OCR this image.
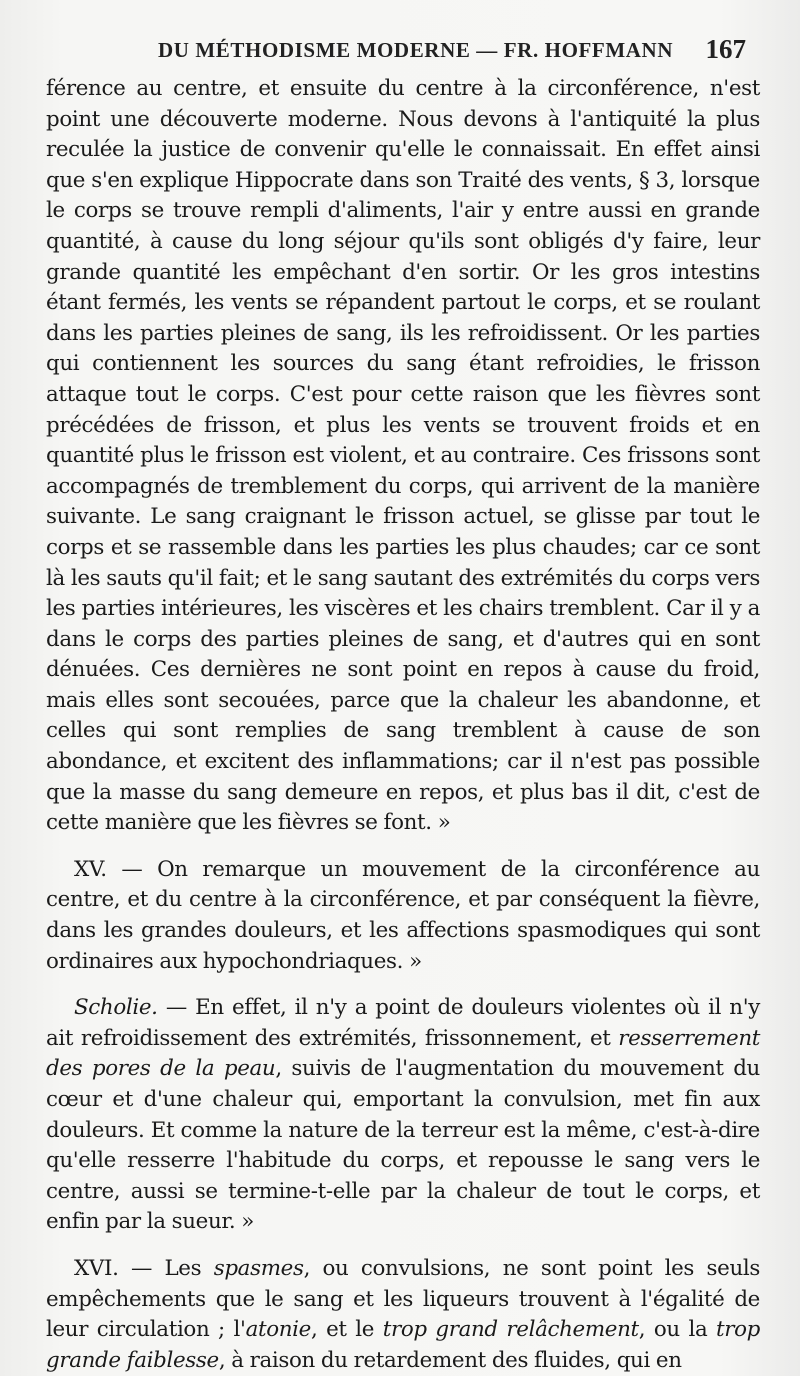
DU MÉTHODISME MODERNE — FR. HOFFMANN 167

férence au centre, et ensuite du centre à la circonférence, n'est point une découverte moderne. Nous devons à l'antiquité la plus reculée la justice de convenir qu'elle le connaissait. En effet ainsi que s'en explique Hippocrate dans son Traité des vents, § 3, lorsque le corps se trouve rempli d'aliments, l'air y entre aussi en grande quantité, à cause du long séjour qu'ils sont obligés d'y faire, leur grande quantité les empêchant d'en sortir. Or les gros intestins étant fermés, les vents se répandent partout le corps, et se roulant dans les parties pleines de sang, ils les refroidissent. Or les parties qui contiennent les sources du sang étant refroidies, le frisson attaque tout le corps. C'est pour cette raison que les fièvres sont précédées de frisson, et plus les vents se trouvent froids et en quantité plus le frisson est violent, et au contraire. Ces frissons sont accompagnés de tremblement du corps, qui arrivent de la manière suivante. Le sang craignant le frisson actuel, se glisse par tout le corps et se rassemble dans les parties les plus chaudes; car ce sont là les sauts qu'il fait; et le sang sautant des extrémités du corps vers les parties intérieures, les viscères et les chairs tremblent. Car il y a dans le corps des parties pleines de sang, et d'autres qui en sont dénuées. Ces dernières ne sont point en repos à cause du froid, mais elles sont secouées, parce que la chaleur les abandonne, et celles qui sont remplies de sang tremblent à cause de son abondance, et excitent des inflammations; car il n'est pas possible que la masse du sang demeure en repos, et plus bas il dit, c'est de cette manière que les fièvres se font. »

XV. — On remarque un mouvement de la circonférence au centre, et du centre à la circonférence, et par conséquent la fièvre, dans les grandes douleurs, et les affections spasmodiques qui sont ordinaires aux hypochondriaques. »

Scholie. — En effet, il n'y a point de douleurs violentes où il n'y ait refroidissement des extrémités, frissonnement, et resserrement des pores de la peau, suivis de l'augmentation du mouvement du cœur et d'une chaleur qui, emportant la convulsion, met fin aux douleurs. Et comme la nature de la terreur est la même, c'est-à-dire qu'elle resserre l'habitude du corps, et repousse le sang vers le centre, aussi se termine-t-elle par la chaleur de tout le corps, et enfin par la sueur. »

XVI. — Les spasmes, ou convulsions, ne sont point les seuls empêchements que le sang et les liqueurs trouvent à l'égalité de leur circulation ; l'atonie, et le trop grand relâchement, ou la trop grande faiblesse, à raison du retardement des fluides, qui en
